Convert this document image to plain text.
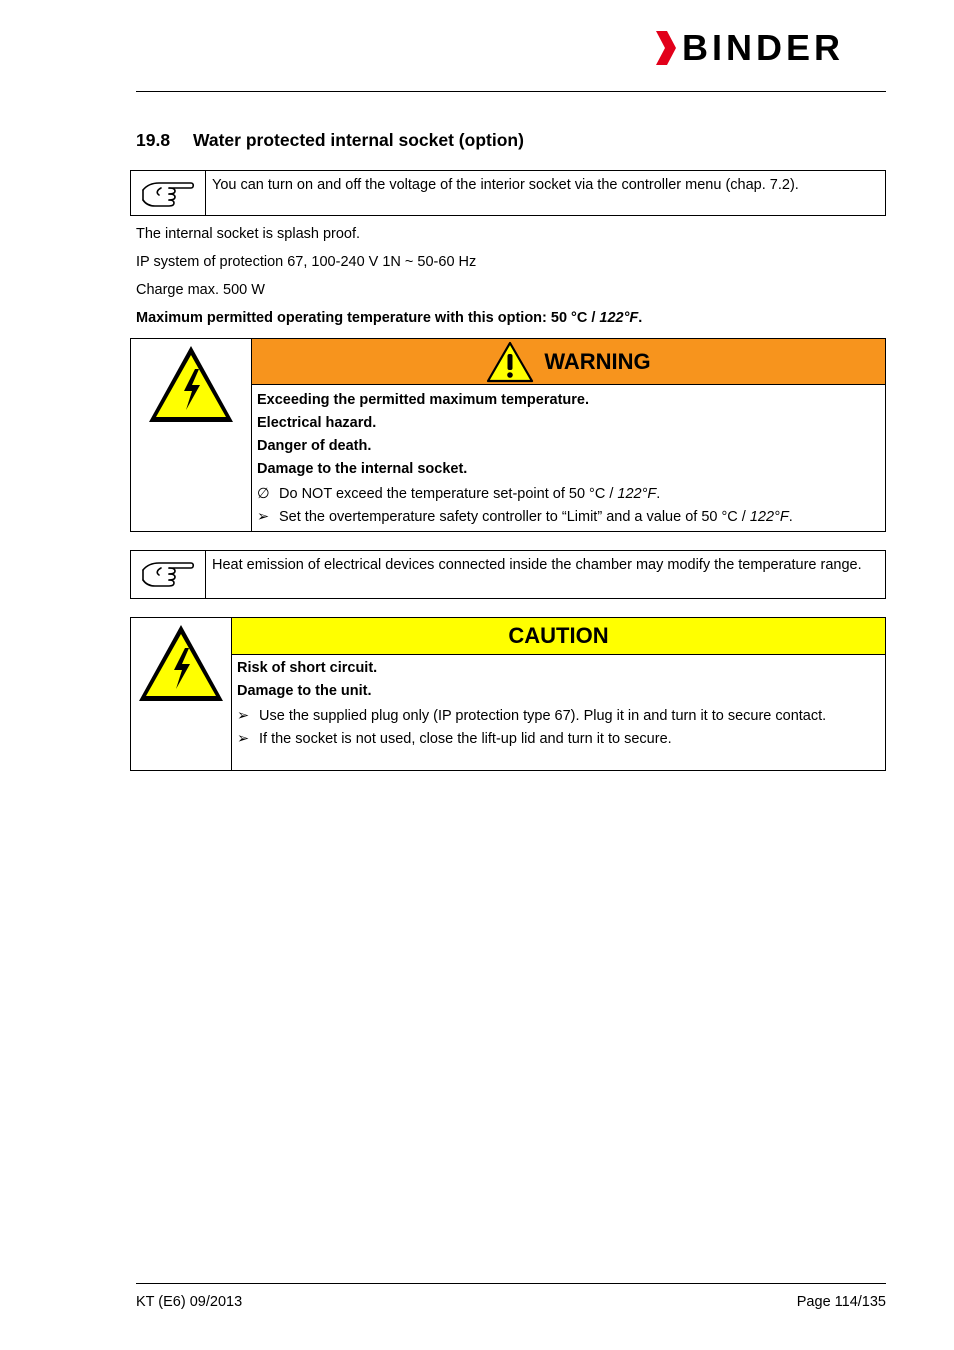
BINDER
19.8 Water protected internal socket (option)
You can turn on and off the voltage of the interior socket via the controller menu (chap. 7.2).
The internal socket is splash proof.
IP system of protection 67, 100-240 V 1N ~ 50-60 Hz
Charge max. 500 W
Maximum permitted operating temperature with this option: 50 °C / 122°F.
WARNING
Exceeding the permitted maximum temperature.
Electrical hazard.
Danger of death.
Damage to the internal socket.
∅ Do NOT exceed the temperature set-point of 50 °C / 122°F.
➢ Set the overtemperature safety controller to “Limit” and a value of 50 °C / 122°F.
Heat emission of electrical devices connected inside the chamber may modify the temperature range.
CAUTION
Risk of short circuit.
Damage to the unit.
➢ Use the supplied plug only (IP protection type 67). Plug it in and turn it to secure contact.
➢ If the socket is not used, close the lift-up lid and turn it to secure.
KT (E6) 09/2013	Page 114/135
